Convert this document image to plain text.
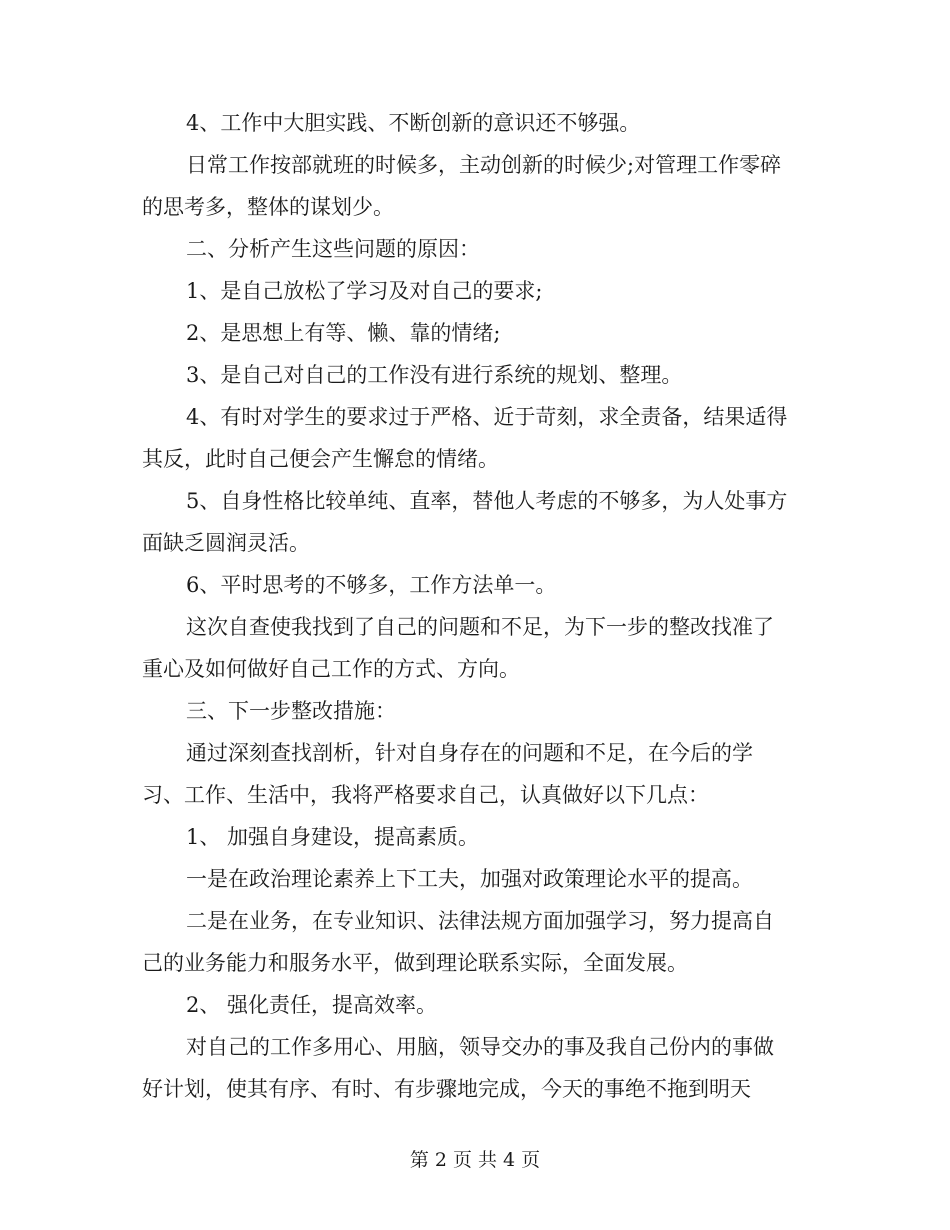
4、工作中大胆实践、不断创新的意识还不够强。
日常工作按部就班的时候多，主动创新的时候少;对管理工作零碎
的思考多，整体的谋划少。
二、分析产生这些问题的原因：
1、是自己放松了学习及对自己的要求;
2、是思想上有等、懒、靠的情绪;
3、是自己对自己的工作没有进行系统的规划、整理。
4、有时对学生的要求过于严格、近于苛刻，求全责备，结果适得
其反，此时自己便会产生懈怠的情绪。
5、自身性格比较单纯、直率，替他人考虑的不够多，为人处事方
面缺乏圆润灵活。
6、平时思考的不够多，工作方法单一。
这次自查使我找到了自己的问题和不足，为下一步的整改找准了
重心及如何做好自己工作的方式、方向。
三、下一步整改措施：
通过深刻查找剖析，针对自身存在的问题和不足，在今后的学
习、工作、生活中，我将严格要求自己，认真做好以下几点：
1、 加强自身建设，提高素质。
一是在政治理论素养上下工夫，加强对政策理论水平的提高。
二是在业务，在专业知识、法律法规方面加强学习，努力提高自
己的业务能力和服务水平，做到理论联系实际，全面发展。
2、 强化责任，提高效率。
对自己的工作多用心、用脑，领导交办的事及我自己份内的事做
好计划，使其有序、有时、有步骤地完成，今天的事绝不拖到明天
第 2 页 共 4 页
